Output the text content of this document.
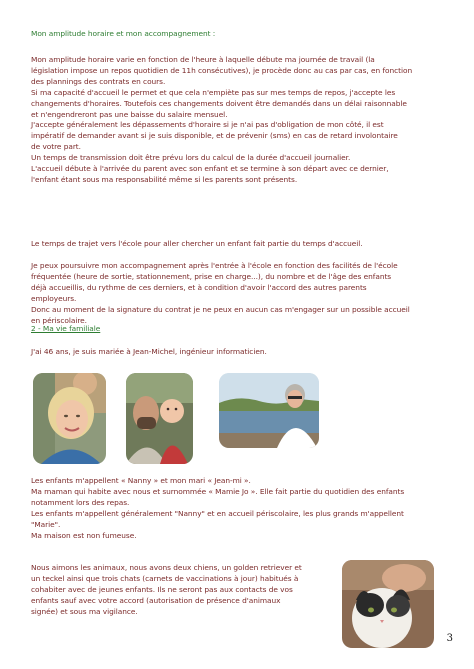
Mon amplitude horaire et mon accompagnement :

Mon amplitude horaire varie en fonction de l'heure à laquelle débute ma journée de travail (la
législation impose un repos quotidien de 11h consécutives), je procède donc au cas par cas, en fonction
des plannings des contrats en cours.
Si ma capacité d'accueil le permet et que cela n'empiète pas sur mes temps de repos, j'accepte les
changements d'horaires. Toutefois ces changements doivent être demandés dans un délai raisonnable
et n'engendreront pas une baisse du salaire mensuel.
J'accepte généralement les dépassements d'horaire si je n'ai pas d'obligation de mon côté, il est
impératif de demander avant si je suis disponible, et de prévenir (sms) en cas de retard involontaire
de votre part.
Un temps de transmission doit être prévu lors du calcul de la durée d'accueil journalier.
L'accueil débute à l'arrivée du parent avec son enfant et se termine à son départ avec ce dernier,
l'enfant étant sous ma responsabilité même si les parents sont présents.

Le temps de trajet vers l'école pour aller chercher un enfant fait partie du temps d'accueil.

Je peux poursuivre mon accompagnement après l'entrée à l'école en fonction des facilités de l'école
fréquentée (heure de sortie, stationnement, prise en charge...), du nombre et de l'âge des enfants
déjà accueillis, du rythme de ces derniers, et à condition d'avoir l'accord des autres parents
employeurs.
Donc au moment de la signature du contrat je ne peux en aucun cas m'engager sur un possible accueil
en périscolaire.

2 - Ma vie familiale

J'ai 46 ans, je suis mariée à Jean-Michel, ingénieur informaticien.

Les enfants m'appellent « Nanny » et mon mari « Jean-mi ».
Ma maman qui habite avec nous et surnommée « Mamie Jo ». Elle fait partie du quotidien des enfants
notamment lors des repas.
Les enfants m'appellent généralement "Nanny" et en accueil périscolaire, les plus grands m'appellent
"Marie".
Ma maison est non fumeuse.

Nous aimons les animaux, nous avons deux chiens, un golden retriever et
un teckel ainsi que trois chats (carnets de vaccinations à jour) habitués à
cohabiter avec de jeunes enfants. Ils ne seront pas aux contacts de vos
enfants sauf avec votre accord (autorisation de présence d'animaux
signée) et sous ma vigilance.

3
